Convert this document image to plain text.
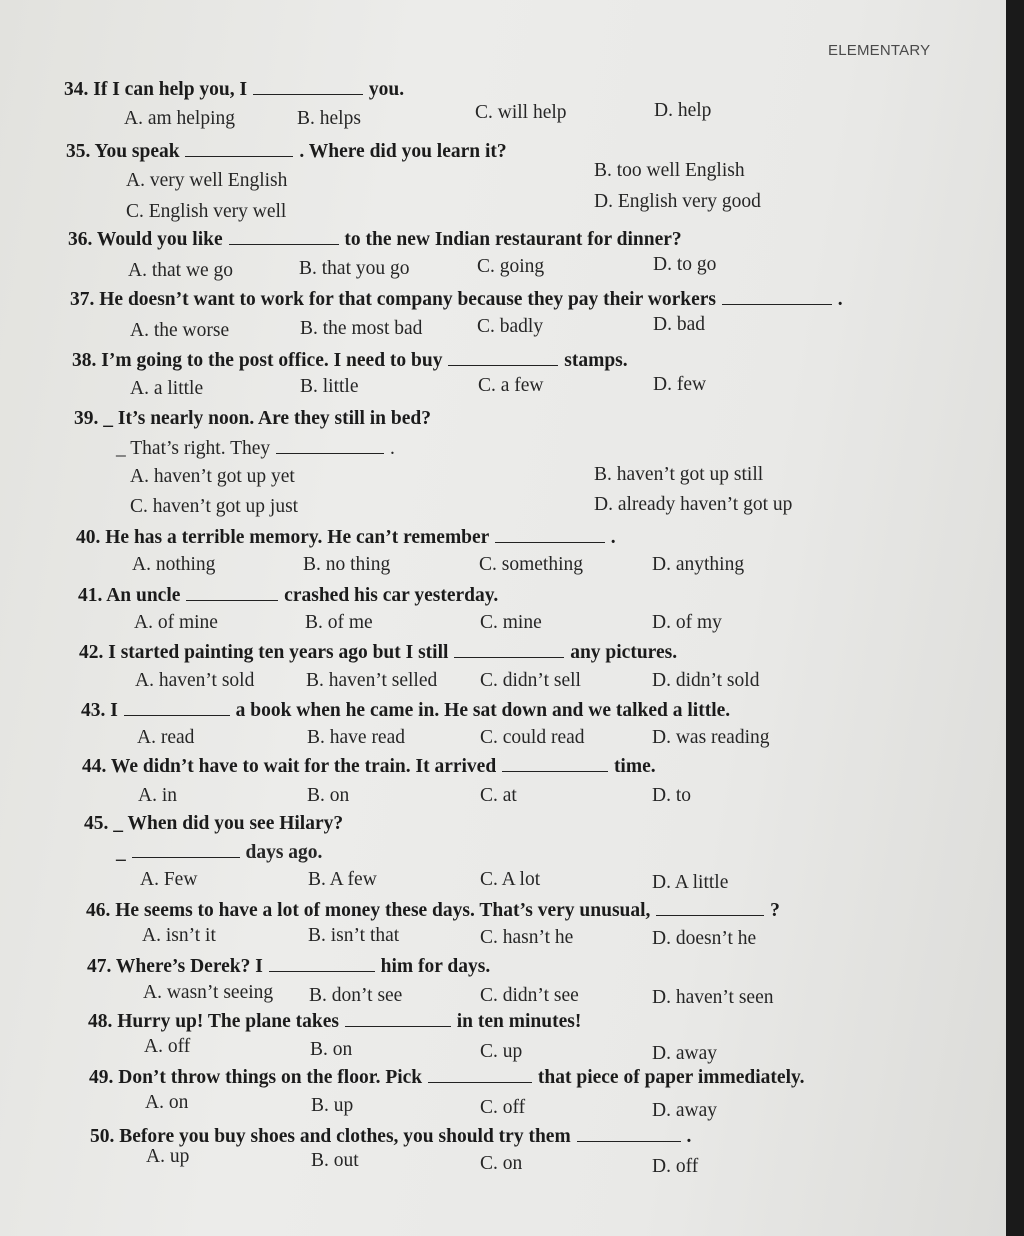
ELEMENTARY
34. If I can help you, I	you.
A. am helping	B. helps	C. will help	D. help
35. You speak	. Where did you learn it?
A. very well English	B. too well English
C. English very well	D. English very good
36. Would you like	to the new Indian restaurant for dinner?
A. that we go	B. that you go	C. going	D. to go
37. He doesn’t want to work for that company because they pay their workers	.
A. the worse	B. the most bad	C. badly	D. bad
38. I’m going to the post office. I need to buy	stamps.
A. a little	B. little	C. a few	D. few
39. _ It’s nearly noon. Are they still in bed?
_ That’s right. They	.
A. haven’t got up yet	B. haven’t got up still
C. haven’t got up just	D. already haven’t got up
40. He has a terrible memory. He can’t remember	.
A. nothing	B. no thing	C. something	D. anything
41. An uncle	crashed his car yesterday.
A. of mine	B. of me	C. mine	D. of my
42. I started painting ten years ago but I still	any pictures.
A. haven’t sold	B. haven’t selled C. didn’t sell	D. didn’t sold
43. I	a book when he came in. He sat down and we talked a little.
A. read	B. have read	C. could read	D. was reading
44. We didn’t have to wait for the train. It arrived	time.
A. in	B. on	C. at	D. to
45. _ When did you see Hilary?
_	days ago.
A. Few	B. A few	C. A lot	D. A little
46. He seems to have a lot of money these days. That’s very unusual,	?
A. isn’t it	B. isn’t that	C. hasn’t he	D. doesn’t he
47. Where’s Derek? I	him for days.
A. wasn’t seeing B. don’t see	C. didn’t see	D. haven’t seen
48. Hurry up! The plane takes	in ten minutes!
A. off	B. on	C. up	D. away
49. Don’t throw things on the floor. Pick	that piece of paper immediately.
A. on	B. up	C. off	D. away
50. Before you buy shoes and clothes, you should try them	.
A. up	B. out	C. on	D. off
